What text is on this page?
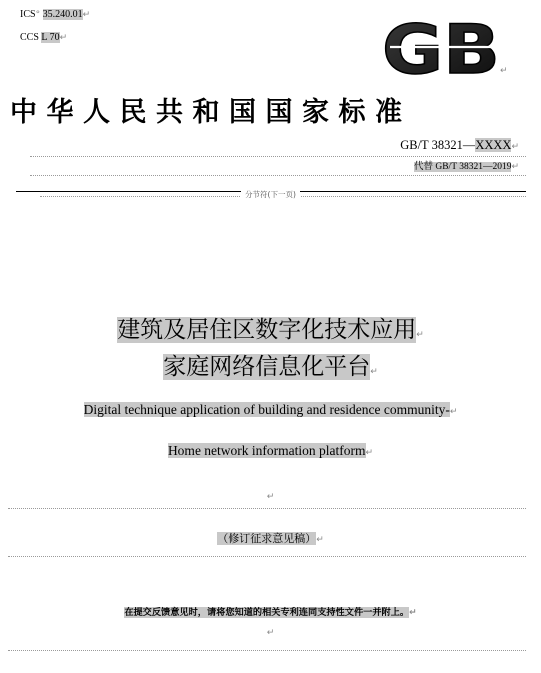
ICS° 35.240.01↵
CCS L 70↵	GB ↵
中华人民共和国国家标准
GB/T 38321—XXXX↵
代替 GB/T 38321—2019↵
分节符(下一页)
建筑及居住区数字化技术应用↵
家庭网络信息化平台↵
Digital technique application of building and residence community-↵
Home network information platform↵
↵
（修订征求意见稿）↵
在提交反馈意见时，请将您知道的相关专利连同支持性文件一并附上。↵
↵
